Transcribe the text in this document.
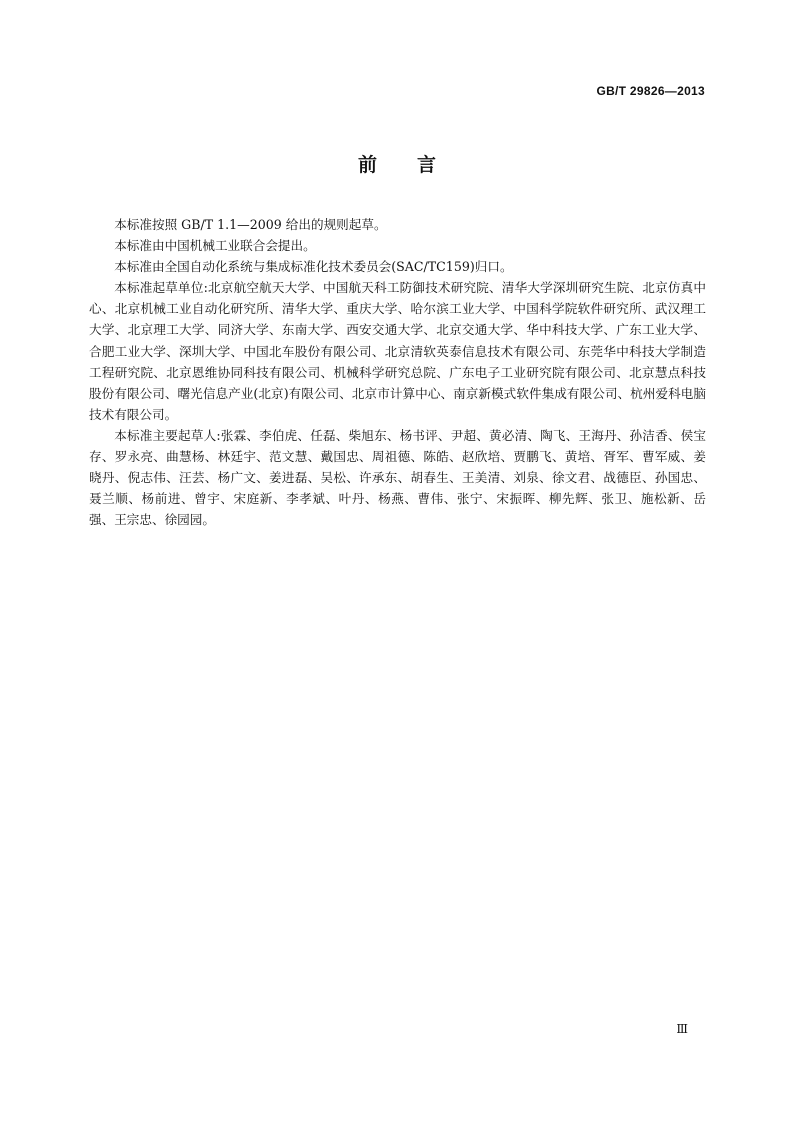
GB/T 29826—2013
前言

本标准按照 GB/T 1.1—2009 给出的规则起草。

本标准由中国机械工业联合会提出。

本标准由全国自动化系统与集成标准化技术委员会(SAC/TC159)归口。

本标准起草单位:北京航空航天大学、中国航天科工防御技术研究院、清华大学深圳研究生院、北京仿真中心、北京机械工业自动化研究所、清华大学、重庆大学、哈尔滨工业大学、中国科学院软件研究所、武汉理工大学、北京理工大学、同济大学、东南大学、西安交通大学、北京交通大学、华中科技大学、广东工业大学、合肥工业大学、深圳大学、中国北车股份有限公司、北京清软英泰信息技术有限公司、东莞华中科技大学制造工程研究院、北京恩维协同科技有限公司、机械科学研究总院、广东电子工业研究院有限公司、北京慧点科技股份有限公司、曙光信息产业(北京)有限公司、北京市计算中心、南京新模式软件集成有限公司、杭州爱科电脑技术有限公司。

本标准主要起草人:张霖、李伯虎、任磊、柴旭东、杨书评、尹超、黄必清、陶飞、王海丹、孙洁香、侯宝存、罗永亮、曲慧杨、林廷宇、范文慧、戴国忠、周祖德、陈皓、赵欣培、贾鹏飞、黄培、胥军、曹军威、姜晓丹、倪志伟、汪芸、杨广文、姜进磊、吴松、许承东、胡春生、王美清、刘泉、徐文君、战德臣、孙国忠、聂兰顺、杨前进、曾宇、宋庭新、李孝斌、叶丹、杨燕、曹伟、张宁、宋振晖、柳先辉、张卫、施松新、岳强、王宗忠、徐园园。

Ⅲ
